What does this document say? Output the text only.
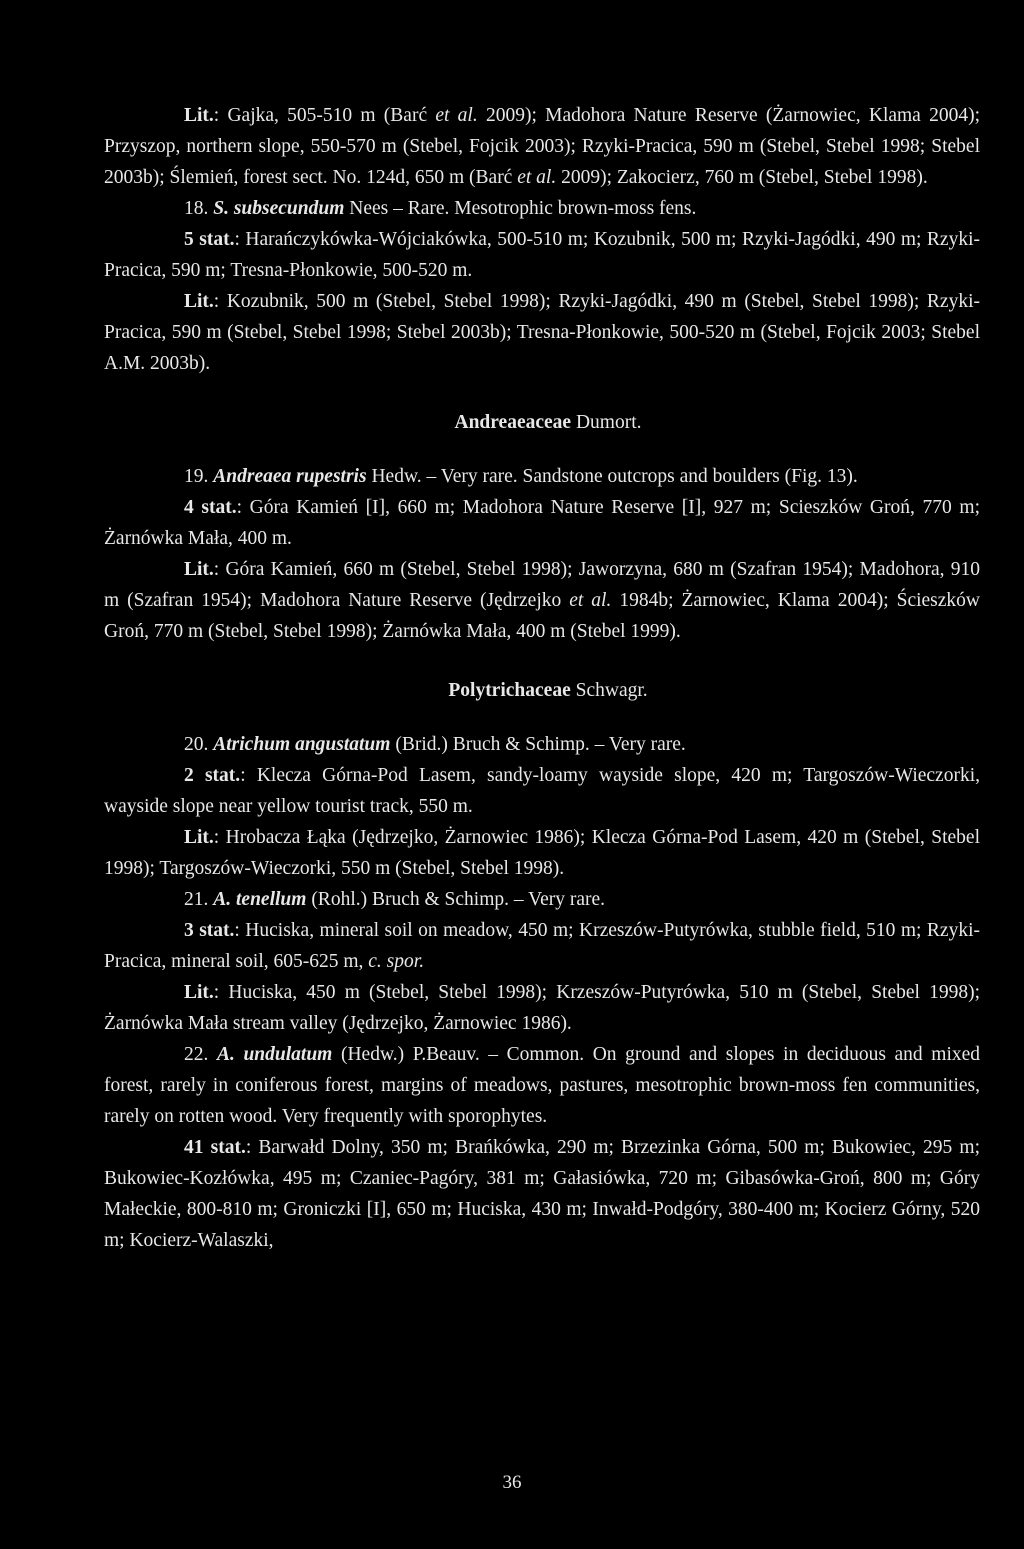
Lit.: Gajka, 505-510 m (Barć et al. 2009); Madohora Nature Reserve (Żarnowiec, Klama 2004); Przyszop, northern slope, 550-570 m (Stebel, Fojcik 2003); Rzyki-Pracica, 590 m (Stebel, Stebel 1998; Stebel 2003b); Ślemień, forest sect. No. 124d, 650 m (Barć et al. 2009); Zakocierz, 760 m (Stebel, Stebel 1998).

18. S. subsecundum Nees – Rare. Mesotrophic brown-moss fens.

5 stat.: Harańczykówka-Wójciakówka, 500-510 m; Kozubnik, 500 m; Rzyki-Jagódki, 490 m; Rzyki-Pracica, 590 m; Tresna-Płonkowie, 500-520 m.

Lit.: Kozubnik, 500 m (Stebel, Stebel 1998); Rzyki-Jagódki, 490 m (Stebel, Stebel 1998); Rzyki-Pracica, 590 m (Stebel, Stebel 1998; Stebel 2003b); Tresna-Płonkowie, 500-520 m (Stebel, Fojcik 2003; Stebel A.M. 2003b).

Andreaeaceae Dumort.

19. Andreaea rupestris Hedw. – Very rare. Sandstone outcrops and boulders (Fig. 13).

4 stat.: Góra Kamień [I], 660 m; Madohora Nature Reserve [I], 927 m; Scieszków Groń, 770 m; Żarnówka Mała, 400 m.

Lit.: Góra Kamień, 660 m (Stebel, Stebel 1998); Jaworzyna, 680 m (Szafran 1954); Madohora, 910 m (Szafran 1954); Madohora Nature Reserve (Jędrzejko et al. 1984b; Żarnowiec, Klama 2004); Ścieszków Groń, 770 m (Stebel, Stebel 1998); Żarnówka Mała, 400 m (Stebel 1999).

Polytrichaceae Schwagr.

20. Atrichum angustatum (Brid.) Bruch & Schimp. – Very rare.

2 stat.: Klecza Górna-Pod Lasem, sandy-loamy wayside slope, 420 m; Targoszów-Wieczorki, wayside slope near yellow tourist track, 550 m.

Lit.: Hrobacza Łąka (Jędrzejko, Żarnowiec 1986); Klecza Górna-Pod Lasem, 420 m (Stebel, Stebel 1998); Targoszów-Wieczorki, 550 m (Stebel, Stebel 1998).

21. A. tenellum (Rohl.) Bruch & Schimp. – Very rare.

3 stat.: Huciska, mineral soil on meadow, 450 m; Krzeszów-Putyrówka, stubble field, 510 m; Rzyki-Pracica, mineral soil, 605-625 m, c. spor.

Lit.: Huciska, 450 m (Stebel, Stebel 1998); Krzeszów-Putyrówka, 510 m (Stebel, Stebel 1998); Żarnówka Mała stream valley (Jędrzejko, Żarnowiec 1986).

22. A. undulatum (Hedw.) P.Beauv. – Common. On ground and slopes in deciduous and mixed forest, rarely in coniferous forest, margins of meadows, pastures, mesotrophic brown-moss fen communities, rarely on rotten wood. Very frequently with sporophytes.

41 stat.: Barwałd Dolny, 350 m; Brańkówka, 290 m; Brzezinka Górna, 500 m; Bukowiec, 295 m; Bukowiec-Kozłówka, 495 m; Czaniec-Pagóry, 381 m; Gałasiówka, 720 m; Gibasówka-Groń, 800 m; Góry Małeckie, 800-810 m; Groniczki [I], 650 m; Huciska, 430 m; Inwałd-Podgóry, 380-400 m; Kocierz Górny, 520 m; Kocierz-Walaszki,

36
